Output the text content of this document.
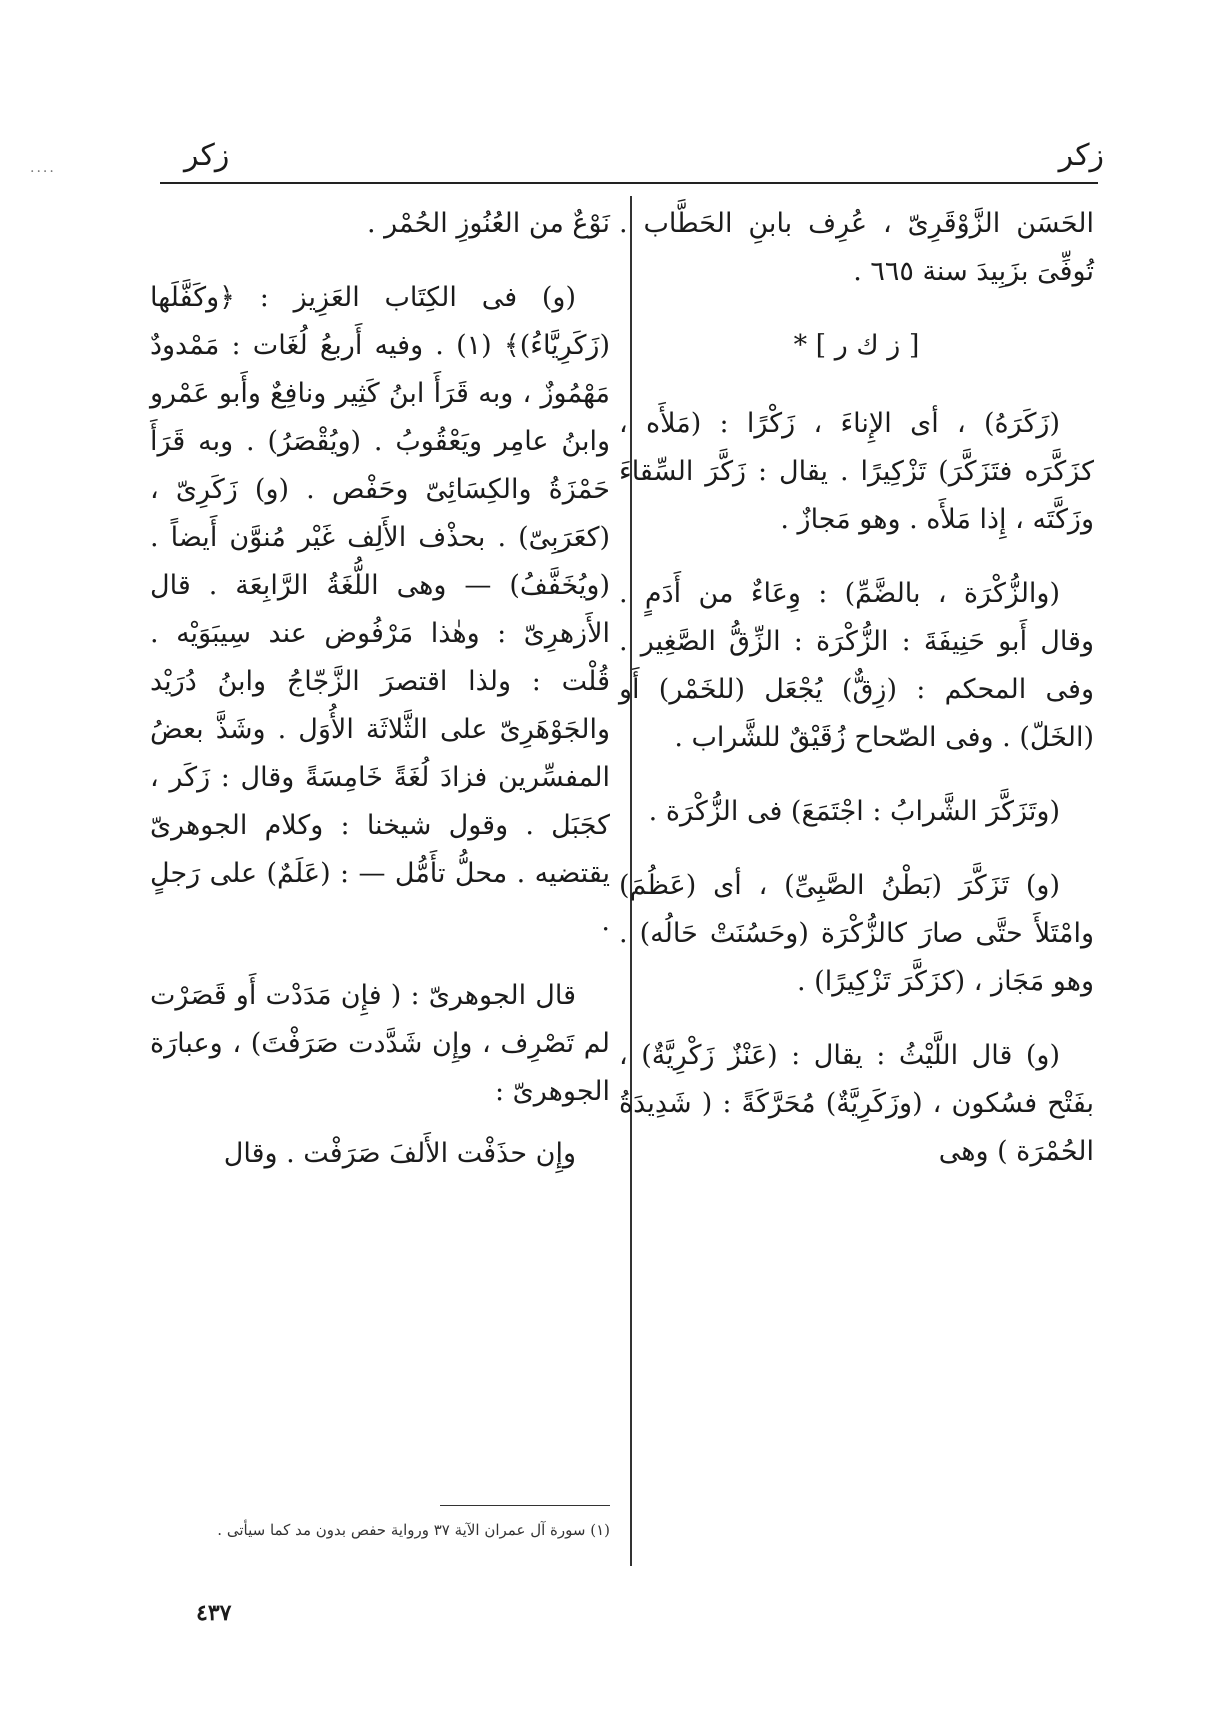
زكر
زكر
....

الحَسَن الزَّوْقَرِىّ ، عُرِف بابنِ الحَطَّاب . تُوفِّىَ بزَبِيدَ سنة ٦٦٥ .

[ ز ك ر ] *

(زَكَرَهُ) ، أى الإِناءَ ، زَكْرًا : (مَلأَه ، كزَكَّرَه فتَزَكَّرَ) تَزْكِيرًا . يقال : زَكَّرَ السِّقاءَ وزَكَّتَه ، إِذا مَلأَه . وهو مَجازٌ .

(والزُّكْرَة ، بالضَّمِّ) : وِعَاءٌ من أَدَمٍ . وقال أَبو حَنِيفَةَ : الزُّكْرَة : الزِّقُّ الصَّغِير . وفى المحكم : (زِقٌّ) يُجْعَل (للخَمْر) أَو (الخَلّ) . وفى الصّحاح زُقَيْقٌ للشَّراب .

(وتَزَكَّرَ الشَّرابُ : اجْتَمَعَ) فى الزُّكْرَة .

(و) تَزَكَّرَ (بَطْنُ الصَّبِىِّ) ، أى (عَظُمَ) وامْتَلأَ حتَّى صارَ كالزُّكْرَة (وحَسُنَتْ حَالُه) . وهو مَجَاز ، (كزَكَّرَ تَزْكِيرًا) .

(و) قال اللَّيْثُ : يقال : (عَنْزٌ زَكْرِيَّةٌ) ، بفَتْح فسُكون ، (وزَكَرِيَّةٌ) مُحَرَّكَةً : ( شَدِيدَةُ الحُمْرَة ) وهى

نَوْعٌ من العُنُوزِ الحُمْر .

(و) فى الكِتَاب العَزِيز : ﴿وكَفَّلَها (زَكَرِيَّاءُ)﴾ (١) . وفيه أَربعُ لُغَات : مَمْدودٌ مَهْمُوزٌ ، وبه قَرَأَ ابنُ كَثِير ونافِعٌ وأَبو عَمْرو وابنُ عامِر ويَعْقُوبُ . (ويُقْصَرُ) . وبه قَرَأَ حَمْزَةُ والكِسَائِىّ وحَفْص . (و) زَكَرِىّ ، (كعَرَبِىّ) . بحذْف الأَلِف غَيْر مُنوَّن أَيضاً . (ويُخَفَّفُ) — وهى اللُّغَةُ الرَّابِعَة . قال الأَزهرِىّ : وهٰذا مَرْفُوض عند سِيبَوَيْه . قُلْت : ولذا اقتصرَ الزَّجّاجُ وابنُ دُرَيْد والجَوْهَرِىّ على الثَّلاثَة الأُوَل . وشَذَّ بعضُ المفسِّرين فزادَ لُغَةً خَامِسَةً وقال : زَكَر ، كجَبَل . وقول شيخنا : وكلام الجوهرىّ يقتضيه . محلُّ تأَمُّل — : (عَلَمٌ) على رَجلٍ .

قال الجوهرىّ : ( فإِن مَدَدْت أَو قَصَرْت لم تَصْرِف ، وإِن شَدَّدت صَرَفْتَ) ، وعبارَة الجوهرىّ :

وإِن حذَفْت الأَلفَ صَرَفْت . وقال

(١) سورة آل عمران الآية ٣٧ ورواية حفص بدون مد كما سيأتى .
٤٣٧
